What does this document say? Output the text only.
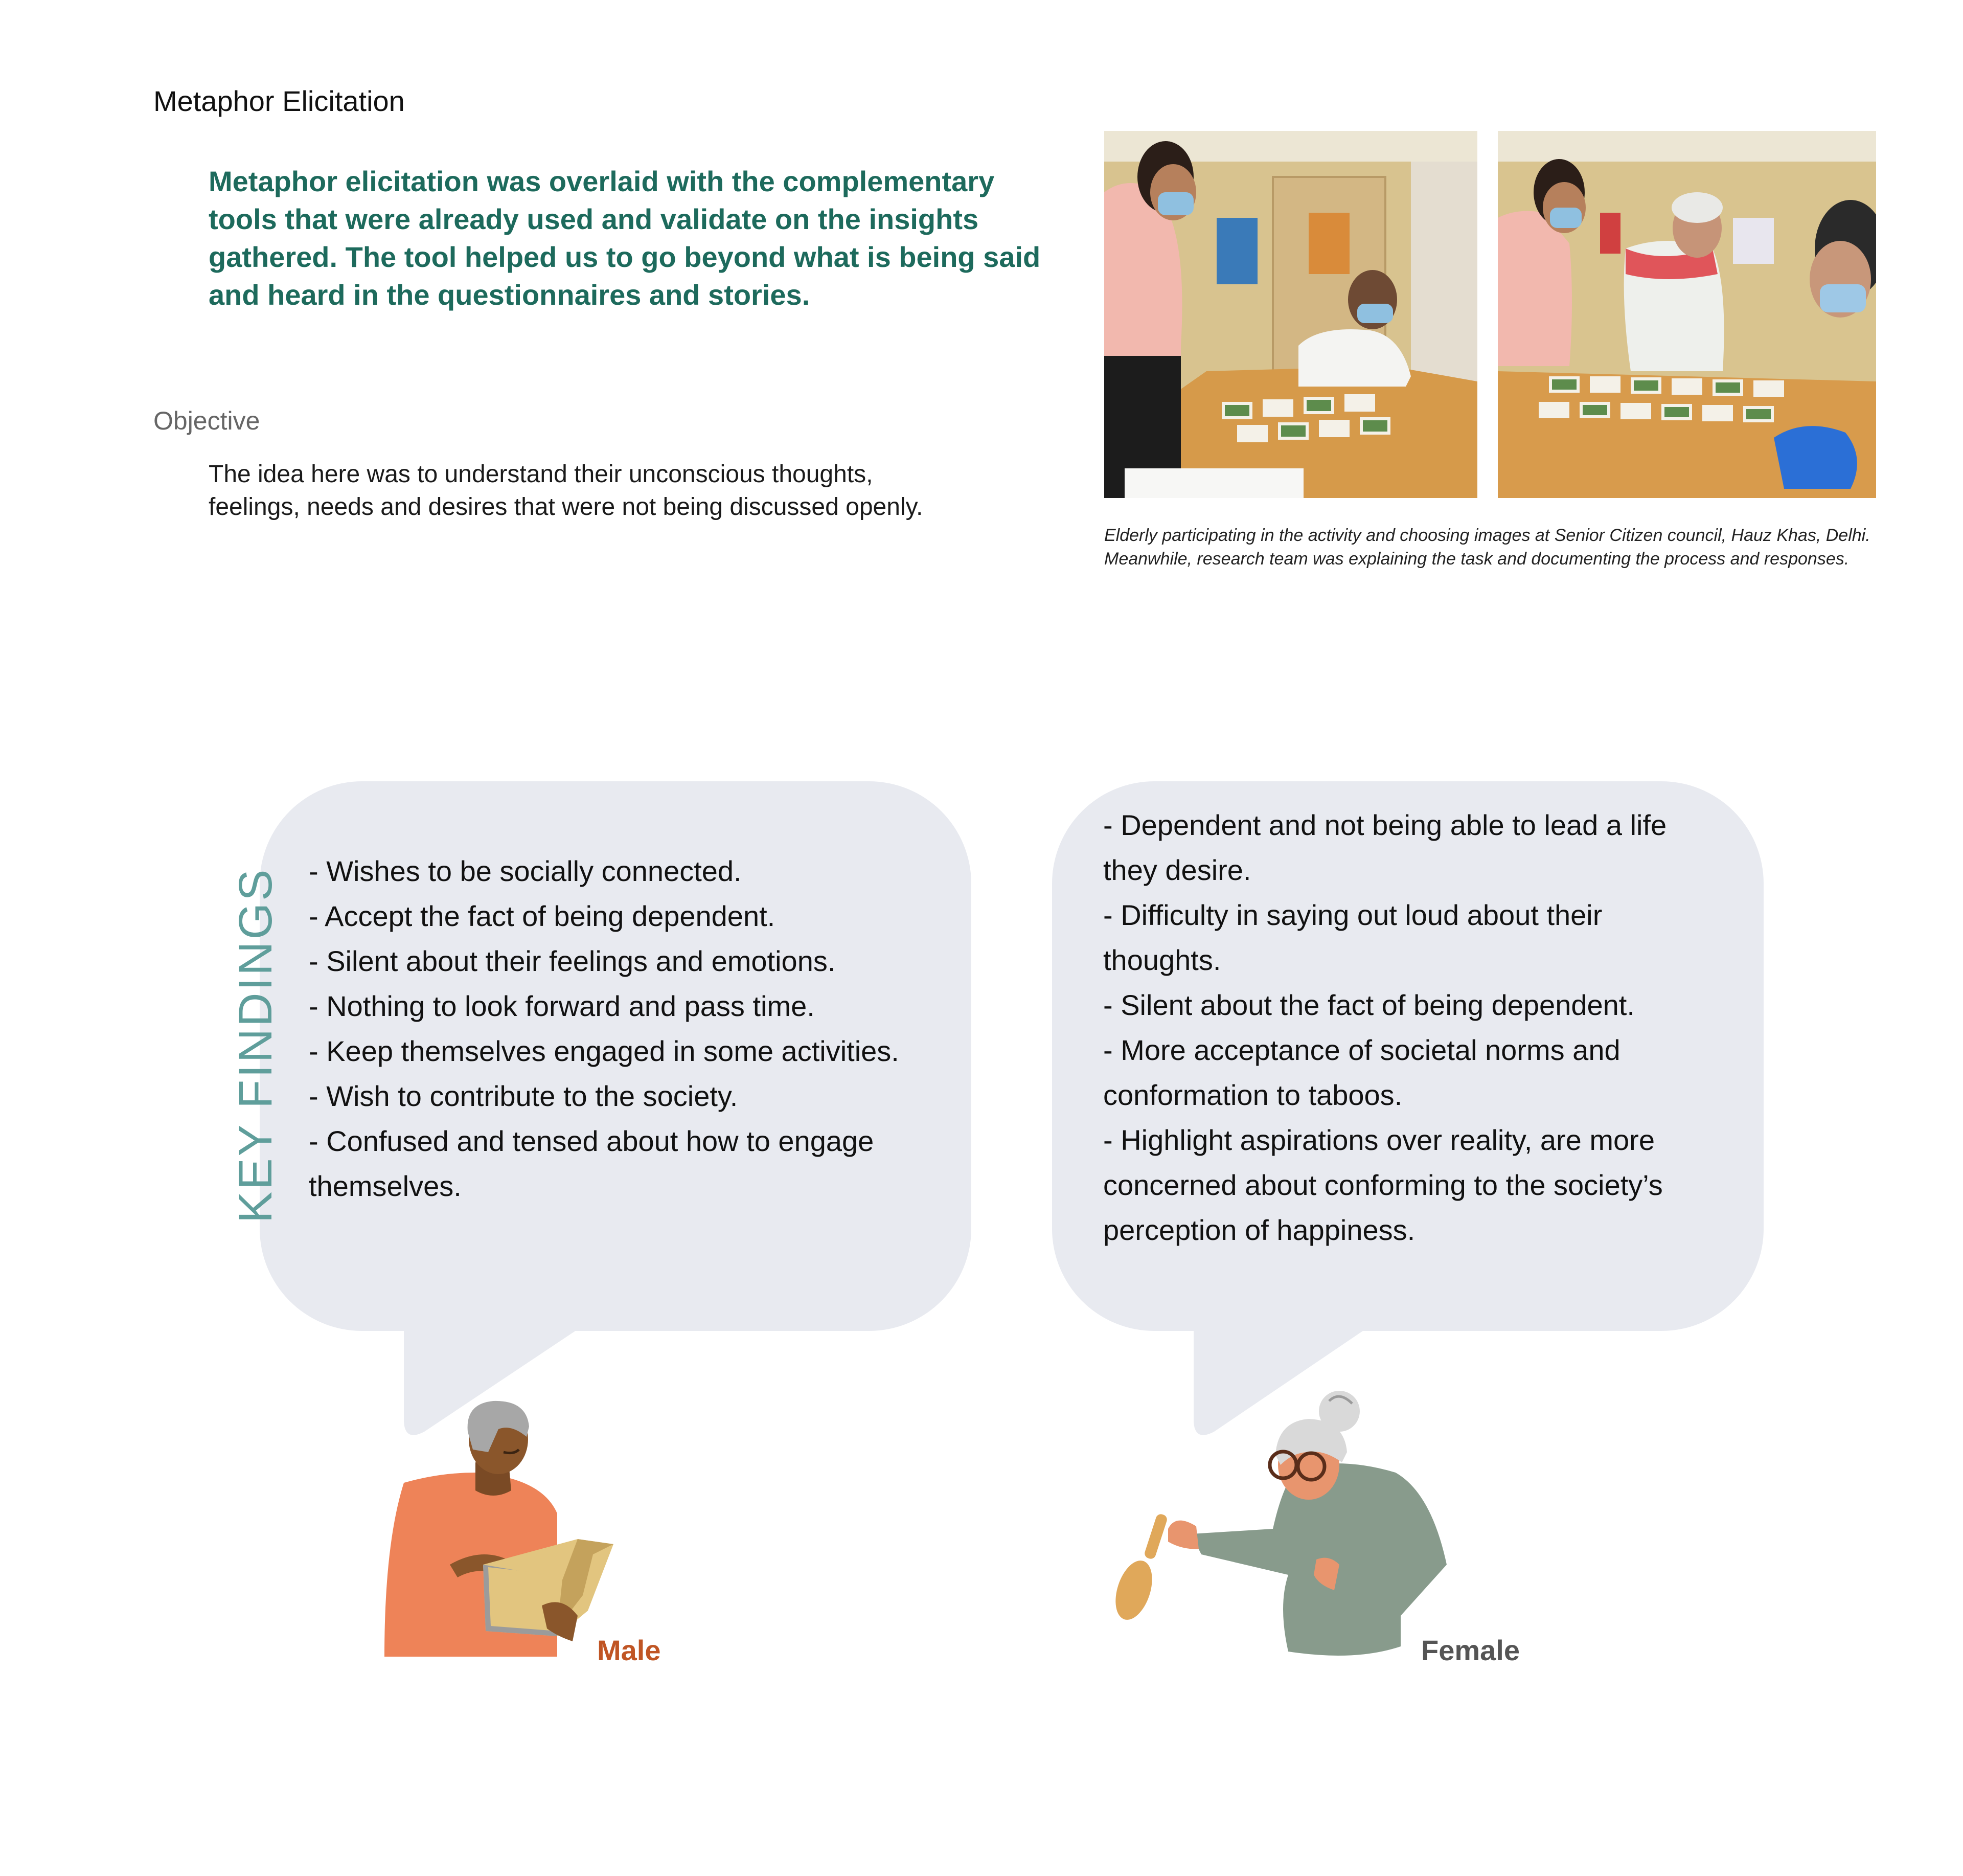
Metaphor Elicitation
Metaphor elicitation was overlaid with the complementary tools that were already used and validate on the insights gathered. The tool helped us to go beyond what is being said and heard in the questionnaires and stories.
Objective
The idea here was to understand their unconscious thoughts,
feelings, needs and desires that were not being discussed openly.
Elderly participating in the activity and choosing images at Senior Citizen council, Hauz Khas, Delhi. Meanwhile, research team was explaining the task and documenting the process and responses.
KEY FINDINGS - Wishes to be socially connected.
- Accept the fact of being dependent.
- Silent about their feelings and emotions.
- Nothing to look forward and pass time.
- Keep themselves engaged in some activities.
- Wish to contribute to the society.
- Confused and tensed about how to engage
themselves.
- Dependent and not being able to lead a life
they desire.
- Difficulty in saying out loud about their
thoughts.
- Silent about the fact of being dependent.
- More acceptance of societal norms and
conformation to taboos.
- Highlight aspirations over reality, are more
concerned about conforming to the society’s
perception of happiness.
Male	Female
